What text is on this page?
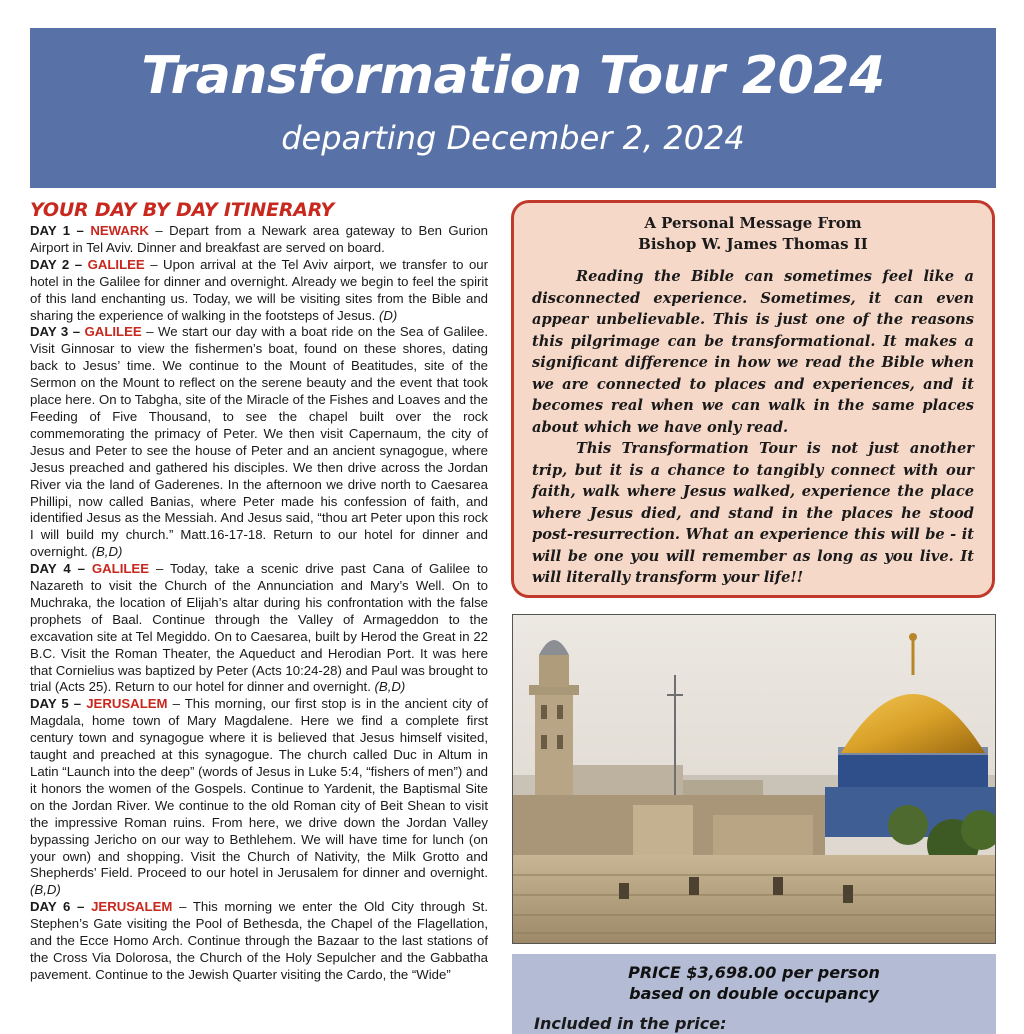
Transformation Tour 2024
departing December 2, 2024
YOUR DAY BY DAY ITINERARY

DAY 1 – NEWARK – Depart from a Newark area gateway to Ben Gurion Airport in Tel Aviv. Dinner and breakfast are served on board.

DAY 2 – GALILEE – Upon arrival at the Tel Aviv airport, we transfer to our hotel in the Galilee for dinner and overnight. Already we begin to feel the spirit of this land enchanting us. Today, we will be visiting sites from the Bible and sharing the experience of walking in the footsteps of Jesus. (D)

DAY 3 – GALILEE – We start our day with a boat ride on the Sea of Galilee. Visit Ginnosar to view the fishermen’s boat, found on these shores, dating back to Jesus’ time. We continue to the Mount of Beatitudes, site of the Sermon on the Mount to reflect on the serene beauty and the event that took place here. On to Tabgha, site of the Miracle of the Fishes and Loaves and the Feeding of Five Thousand, to see the chapel built over the rock commemorating the primacy of Peter. We then visit Capernaum, the city of Jesus and Peter to see the house of Peter and an ancient synagogue, where Jesus preached and gathered his disciples. We then drive across the Jordan River via the land of Gaderenes. In the afternoon we drive north to Caesarea Phillipi, now called Banias, where Peter made his confession of faith, and identified Jesus as the Messiah. And Jesus said, “thou art Peter upon this rock I will build my church.” Matt.16-17-18. Return to our hotel for dinner and overnight. (B,D)

DAY 4 – GALILEE – Today, take a scenic drive past Cana of Galilee to Nazareth to visit the Church of the Annunciation and Mary’s Well. On to Muchraka, the location of Elijah’s altar during his confrontation with the false prophets of Baal. Continue through the Valley of Armageddon to the excavation site at Tel Megiddo. On to Caesarea, built by Herod the Great in 22 B.C. Visit the Roman Theater, the Aqueduct and Herodian Port. It was here that Cornielius was baptized by Peter (Acts 10:24-28) and Paul was brought to trial (Acts 25). Return to our hotel for dinner and overnight. (B,D)

DAY 5 – JERUSALEM – This morning, our first stop is in the ancient city of Magdala, home town of Mary Magdalene. Here we find a complete first century town and synagogue where it is believed that Jesus himself visited, taught and preached at this synagogue. The church called Duc in Altum in Latin “Launch into the deep” (words of Jesus in Luke 5:4, “fishers of men”) and it honors the women of the Gospels. Continue to Yardenit, the Baptismal Site on the Jordan River. We continue to the old Roman city of Beit Shean to visit the impressive Roman ruins. From here, we drive down the Jordan Valley bypassing Jericho on our way to Bethlehem. We will have time for lunch (on your own) and shopping. Visit the Church of Nativity, the Milk Grotto and Shepherds’ Field. Proceed to our hotel in Jerusalem for dinner and overnight. (B,D)

DAY 6 – JERUSALEM – This morning we enter the Old City through St. Stephen’s Gate visiting the Pool of Bethesda, the Chapel of the Flagellation, and the Ecce Homo Arch. Continue through the Bazaar to the last stations of the Cross Via Dolorosa, the Church of the Holy Sepulcher and the Gabbatha pavement. Continue to the Jewish Quarter visiting the Cardo, the “Wide”

A Personal Message From
Bishop W. James Thomas II

Reading the Bible can sometimes feel like a disconnected experience. Sometimes, it can even appear unbelievable. This is just one of the reasons this pilgrimage can be transformational. It makes a significant difference in how we read the Bible when we are connected to places and experiences, and it becomes real when we can walk in the same places about which we have only read.

This Transformation Tour is not just another trip, but it is a chance to tangibly connect with our faith, walk where Jesus walked, experience the place where Jesus died, and stand in the places he stood post-resurrection. What an experience this will be - it will be one you will remember as long as you live. It will literally transform your life!!

PRICE $3,698.00 per person
based on double occupancy
Included in the price:
